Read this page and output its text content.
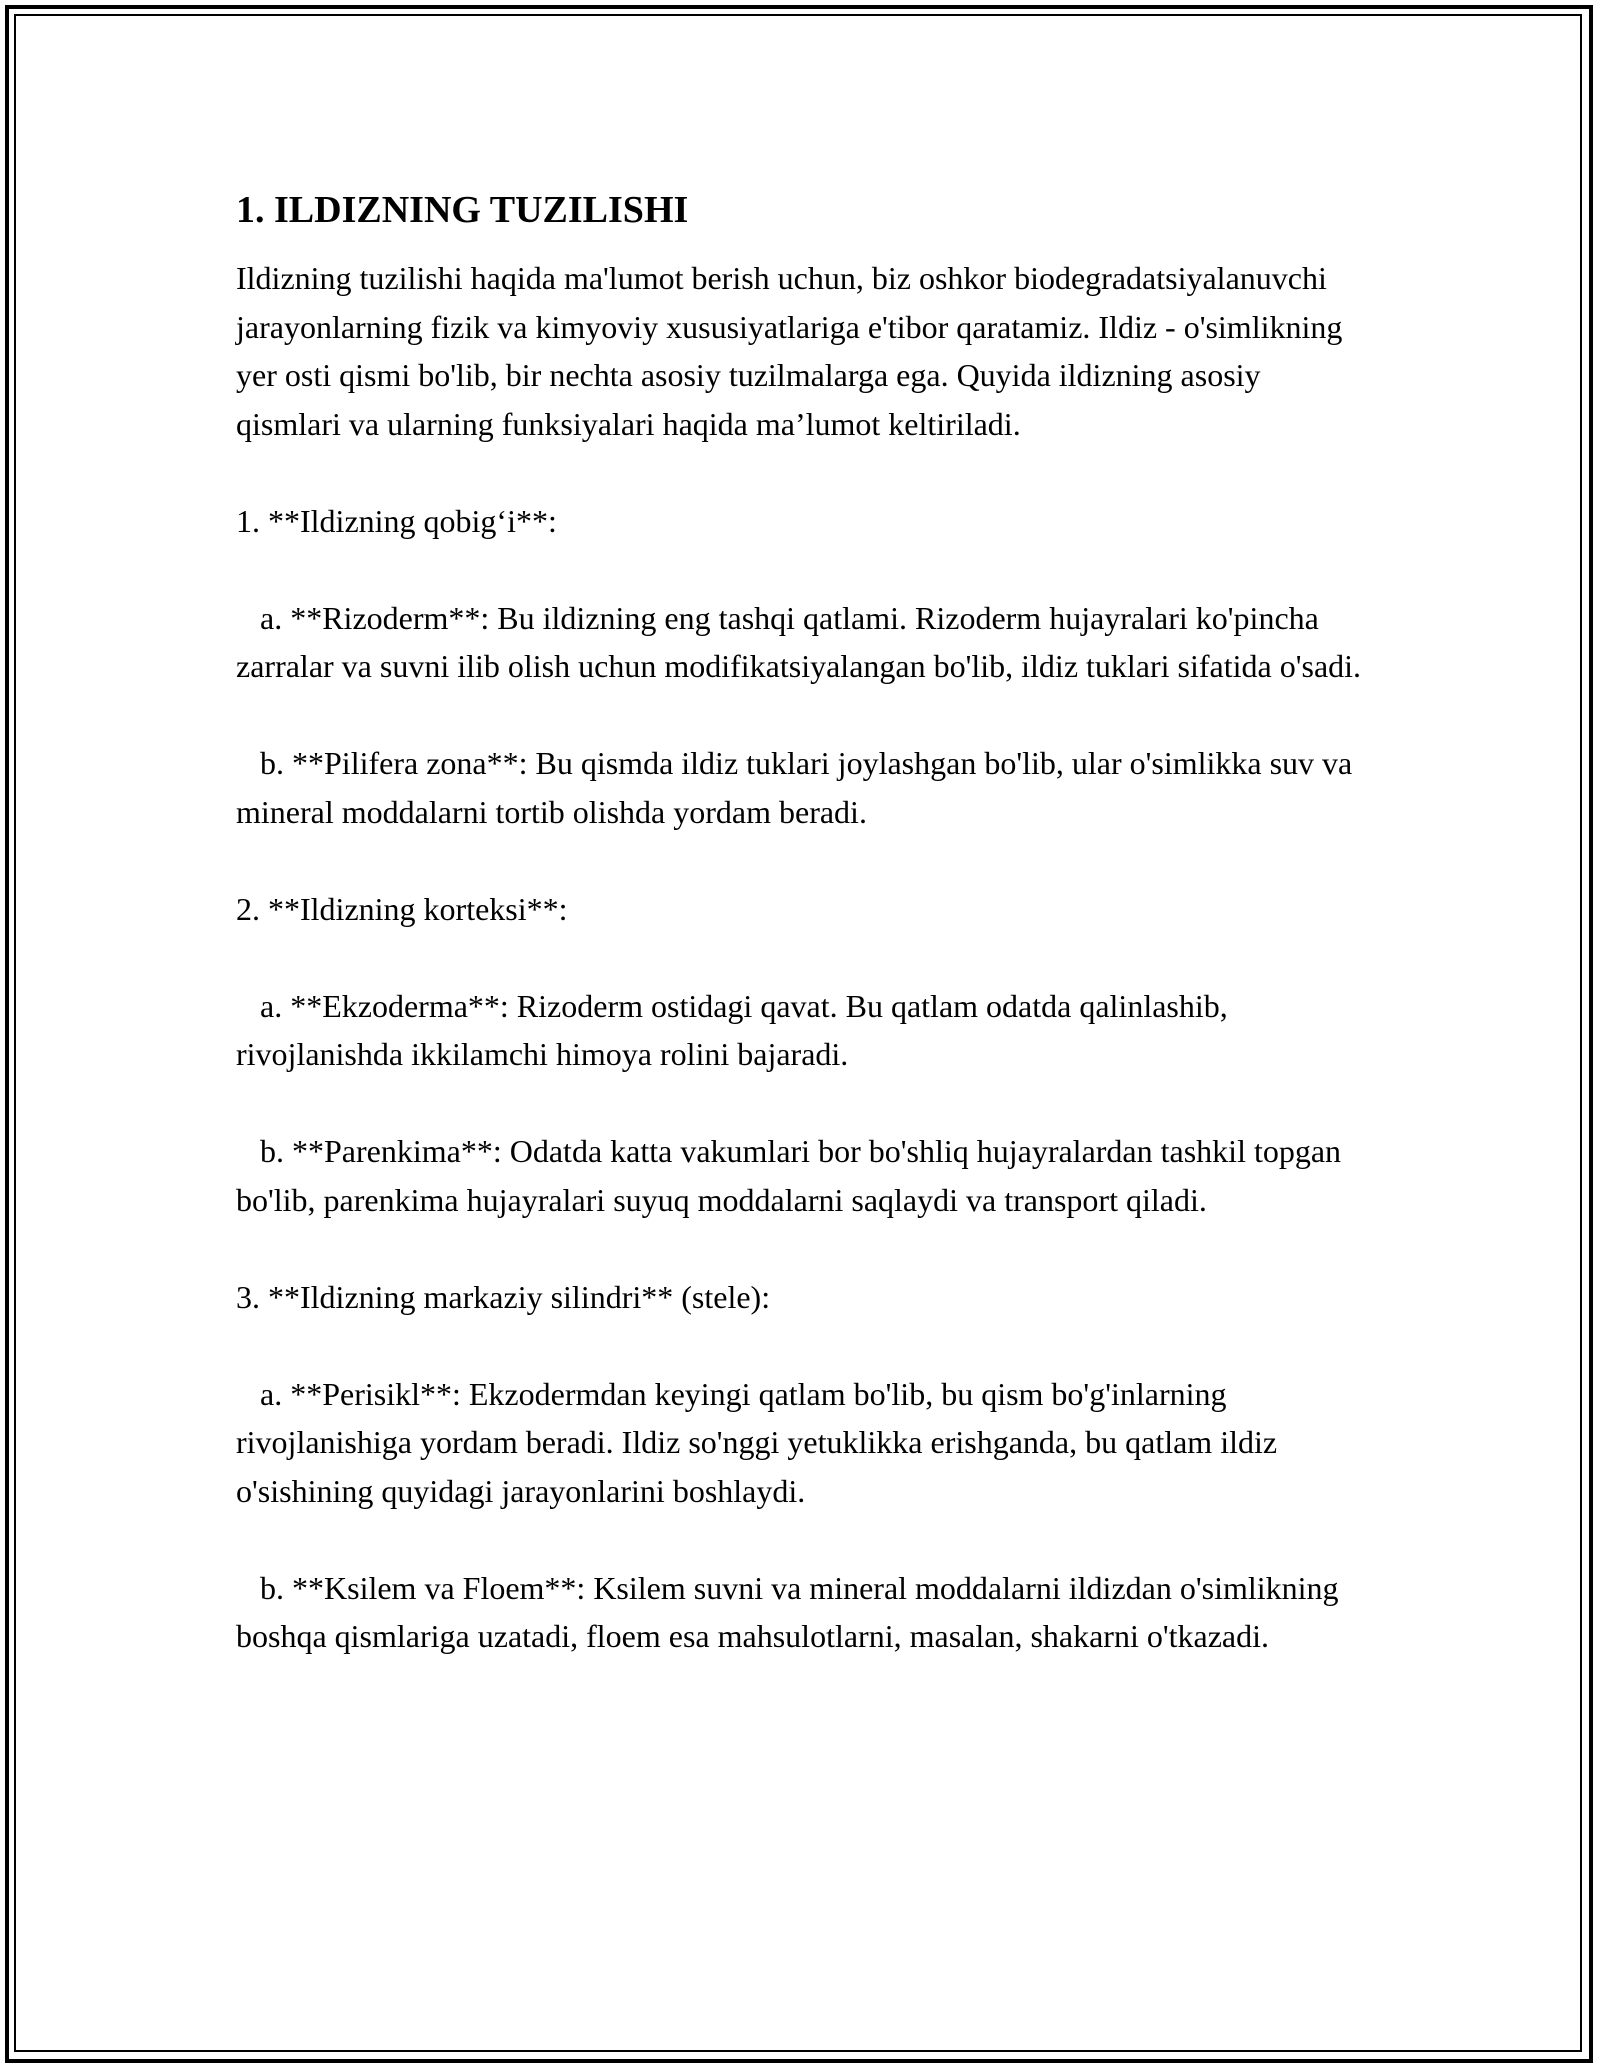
1. ILDIZNING TUZILISHI

Ildizning tuzilishi haqida ma'lumot berish uchun, biz oshkor biodegradatsiyalanuvchi jarayonlarning fizik va kimyoviy xususiyatlariga e'tibor qaratamiz. Ildiz - o'simlikning yer osti qismi bo'lib, bir nechta asosiy tuzilmalarga ega. Quyida ildizning asosiy qismlari va ularning funksiyalari haqida ma’lumot keltiriladi.

1. **Ildizning qobig‘i**:

a. **Rizoderm**: Bu ildizning eng tashqi qatlami. Rizoderm hujayralari ko'pincha zarralar va suvni ilib olish uchun modifikatsiyalangan bo'lib, ildiz tuklari sifatida o'sadi.

b. **Pilifera zona**: Bu qismda ildiz tuklari joylashgan bo'lib, ular o'simlikka suv va mineral moddalarni tortib olishda yordam beradi.

2. **Ildizning korteksi**:

a. **Ekzoderma**: Rizoderm ostidagi qavat. Bu qatlam odatda qalinlashib, rivojlanishda ikkilamchi himoya rolini bajaradi.

b. **Parenkima**: Odatda katta vakumlari bor bo'shliq hujayralardan tashkil topgan bo'lib, parenkima hujayralari suyuq moddalarni saqlaydi va transport qiladi.

3. **Ildizning markaziy silindri** (stele):

a. **Perisikl**: Ekzodermdan keyingi qatlam bo'lib, bu qism bo'g'inlarning rivojlanishiga yordam beradi. Ildiz so'nggi yetuklikka erishganda, bu qatlam ildiz o'sishining quyidagi jarayonlarini boshlaydi.

b. **Ksilem va Floem**: Ksilem suvni va mineral moddalarni ildizdan o'simlikning boshqa qismlariga uzatadi, floem esa mahsulotlarni, masalan, shakarni o'tkazadi.
